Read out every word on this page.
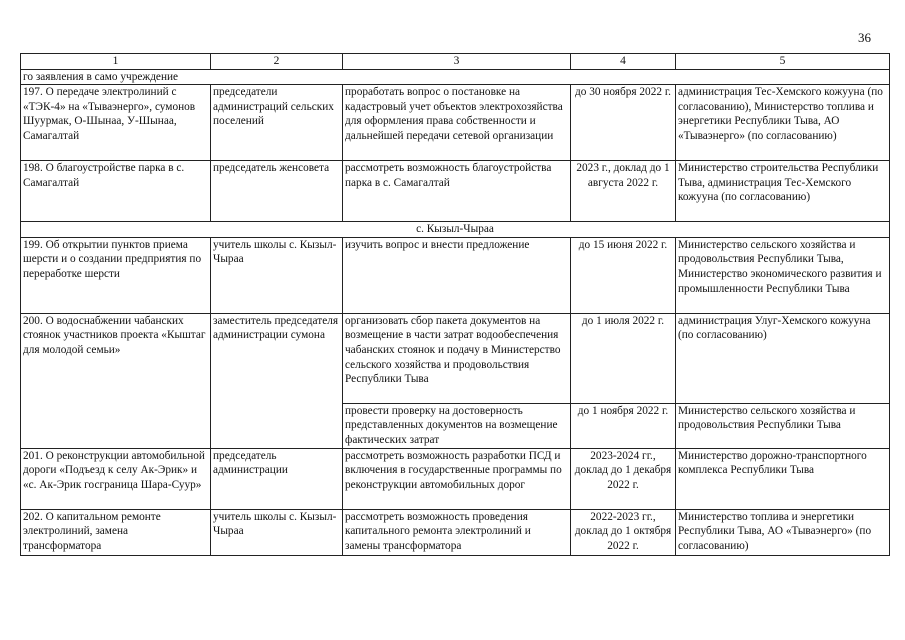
36
1	2	3	4	5
го заявления в само учреждение				
197. О передаче электролиний с «ТЭК-4» на «Тываэнерго», сумонов Шуурмак, О-Шынаа, У-Шынаа, Самагалтай	председатели администраций сельских поселений	проработать вопрос о постановке на кадастровый учет объектов электрохозяйства для оформления права собственности и дальнейшей передачи сетевой организации	до 30 ноября 2022 г.	администрация Тес-Хемского кожууна (по согласованию), Министерство топлива и энергетики Республики Тыва, АО «Тываэнерго» (по согласованию)
198. О благоустройстве парка в с. Самагалтай	председатель женсовета	рассмотреть возможность благоустройства парка в с. Самагалтай	2023 г., доклад до 1 августа 2022 г.	Министерство строительства Республики Тыва, администрация Тес-Хемского кожууна (по согласованию)
с. Кызыл-Чыраа				
199. Об открытии пунктов приема шерсти и о создании предприятия по переработке шерсти	учитель школы с. Кызыл-Чыраа	изучить вопрос и внести предложение	до 15 июня 2022 г.	Министерство сельского хозяйства и продовольствия Республики Тыва, Министерство экономического развития и промышленности Республики Тыва
200. О водоснабжении чабанских стоянок участников проекта «Кыштаг для молодой семьи»	заместитель председателя администрации сумона	организовать сбор пакета документов на возмещение в части затрат водообеспечения чабанских стоянок и подачу в Министерство сельского хозяйства и продовольствия Республики Тыва	до 1 июля 2022 г.	администрация Улуг-Хемского кожууна (по согласованию)
		провести проверку на достоверность представленных документов на возмещение фактических затрат	до 1 ноября 2022 г.	Министерство сельского хозяйства и продовольствия Республики Тыва
201. О реконструкции автомобильной дороги «Подъезд к селу Ак-Эрик» и «с. Ак-Эрик госграница Шара-Суур»	председатель администрации	рассмотреть возможность разработки ПСД и включения в государственные программы по реконструкции автомобильных дорог	2023-2024 гг., доклад до 1 декабря 2022 г.	Министерство дорожно-транспортного комплекса Республики Тыва
202. О капитальном ремонте электролиний, замена трансформатора	учитель школы с. Кызыл-Чыраа	рассмотреть возможность проведения капитального ремонта электролиний и замены трансформатора	2022-2023 гг., доклад до 1 октября 2022 г.	Министерство топлива и энергетики Республики Тыва, АО «Тываэнерго» (по согласованию)
